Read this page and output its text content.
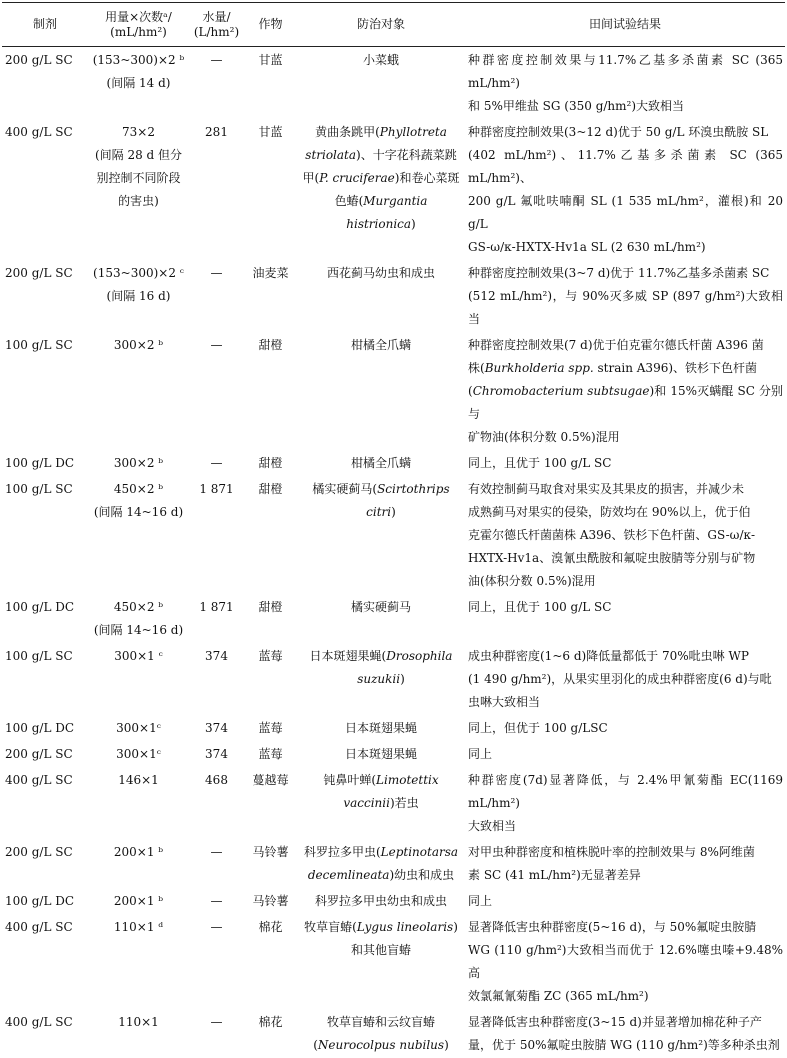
制剂	用量×次数ᵃ/
(mL/hm²)	水量/
(L/hm²)	作物	防治对象	田间试验结果
200 g/L SC	(153~300)×2 ᵇ
(间隔 14 d)	—	甘蓝	小菜蛾	种群密度控制效果与11.7%乙基多杀菌素 SC (365 mL/hm²)
和 5%甲维盐 SG (350 g/hm²)大致相当
400 g/L SC	73×2
(间隔 28 d 但分
别控制不同阶段
的害虫)	281	甘蓝	黄曲条跳甲(Phyllotreta
striolata)、十字花科蔬菜跳
甲(P. cruciferae)和卷心菜斑
色蝽(Murgantia histrionica)	种群密度控制效果(3~12 d)优于 50 g/L 环溴虫酰胺 SL
(402 mL/hm²)、11.7%乙基多杀菌素 SC (365 mL/hm²)、
200 g/L 氟吡呋喃酮 SL (1 535 mL/hm²，灌根)和 20 g/L
GS-ω/κ-HXTX-Hv1a SL (2 630 mL/hm²)
200 g/L SC	(153~300)×2 ᶜ
(间隔 16 d)	—	油麦菜	西花蓟马幼虫和成虫	种群密度控制效果(3~7 d)优于 11.7%乙基多杀菌素 SC
(512 mL/hm²)，与 90%灭多威 SP (897 g/hm²)大致相当
100 g/L SC	300×2 ᵇ	—	甜橙	柑橘全爪螨	种群密度控制效果(7 d)优于伯克霍尔德氏杆菌 A396 菌
株(Burkholderia spp. strain A396)、铁杉下色杆菌
(Chromobacterium subtsugae)和 15%灭螨醌 SC 分别与
矿物油(体积分数 0.5%)混用
100 g/L DC	300×2 ᵇ	—	甜橙	柑橘全爪螨	同上，且优于 100 g/L SC
100 g/L SC	450×2 ᵇ
(间隔 14~16 d)	1 871	甜橙	橘实硬蓟马(Scirtothrips
citri)	有效控制蓟马取食对果实及其果皮的损害，并减少未
成熟蓟马对果实的侵染，防效均在 90%以上，优于伯
克霍尔德氏杆菌菌株 A396、铁杉下色杆菌、GS-ω/κ-
HXTX-Hv1a、溴氰虫酰胺和氟啶虫胺腈等分别与矿物
油(体积分数 0.5%)混用
100 g/L DC	450×2 ᵇ
(间隔 14~16 d)	1 871	甜橙	橘实硬蓟马	同上，且优于 100 g/L SC
100 g/L SC	300×1 ᶜ	374	蓝莓	日本斑翅果蝇(Drosophila
suzukii)	成虫种群密度(1~6 d)降低量都低于 70%吡虫啉 WP
(1 490 g/hm²)，从果实里羽化的成虫种群密度(6 d)与吡
虫啉大致相当
100 g/L DC	300×1ᶜ	374	蓝莓	日本斑翅果蝇	同上，但优于 100 g/LSC
200 g/L SC	300×1ᶜ	374	蓝莓	日本斑翅果蝇	同上
400 g/L SC	146×1	468	蔓越莓	钝鼻叶蝉(Limotettix
vaccinii)若虫	种群密度(7d)显著降低，与 2.4%甲氰菊酯 EC(1169 mL/hm²)
大致相当
200 g/L SC	200×1 ᵇ	—	马铃薯	科罗拉多甲虫(Leptinotarsa
decemlineata)幼虫和成虫	对甲虫种群密度和植株脱叶率的控制效果与 8%阿维菌
素 SC (41 mL/hm²)无显著差异
100 g/L DC	200×1 ᵇ	—	马铃薯	科罗拉多甲虫幼虫和成虫	同上
400 g/L SC	110×1 ᵈ	—	棉花	牧草盲蝽(Lygus lineolaris)
和其他盲蝽	显著降低害虫种群密度(5~16 d)，与 50%氟啶虫胺腈
WG (110 g/hm²)大致相当而优于 12.6%噻虫嗪+9.48%高
效氯氟氰菊酯 ZC (365 mL/hm²)
400 g/L SC	110×1	—	棉花	牧草盲蝽和云纹盲蝽
(Neurocolpus nubilus)	显著降低害虫种群密度(3~15 d)并显著增加棉花种子产
量，优于 50%氟啶虫胺腈 WG (110 g/hm²)等多种杀虫剂
